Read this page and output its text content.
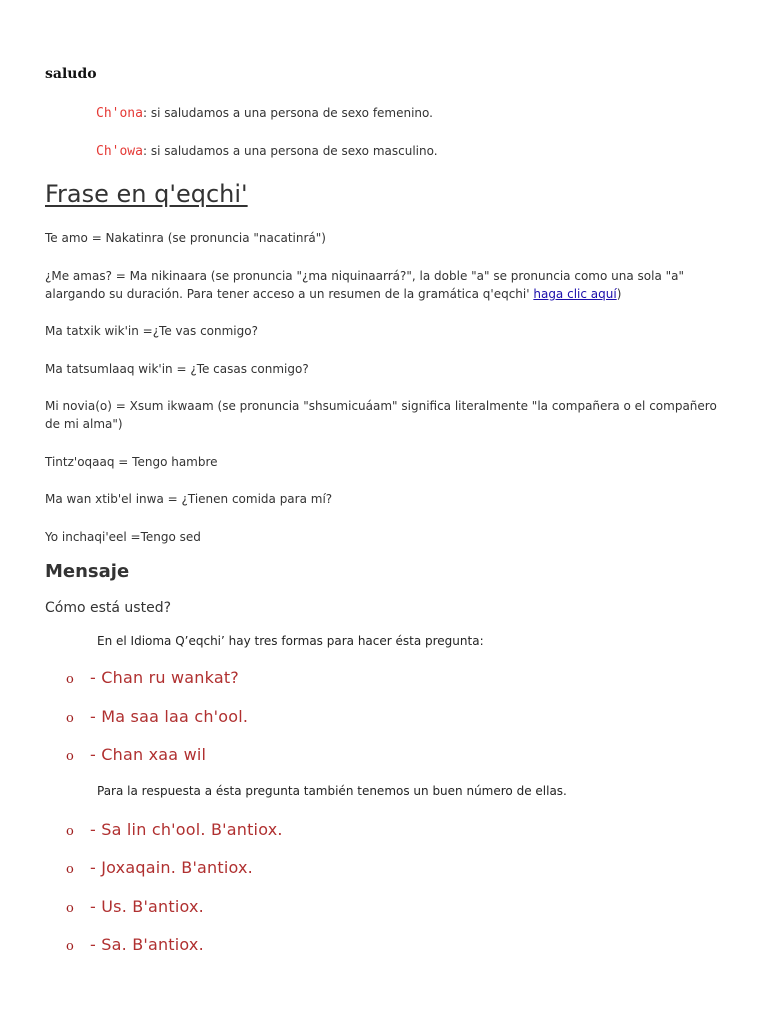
saludo
Ch'ona: si saludamos a una persona de sexo femenino.
Ch'owa: si saludamos a una persona de sexo masculino.
Frase en q'eqchi'
Te amo = Nakatinra (se pronuncia "nacatinrá")
¿Me amas? = Ma nikinaara (se pronuncia "¿ma niquinaarrá?", la doble "a" se pronuncia como una sola "a" alargando su duración. Para tener acceso a un resumen de la gramática q'eqchi' haga clic aquí)
Ma tatxik wik'in =¿Te vas conmigo?
Ma tatsumlaaq wik'in = ¿Te casas conmigo?
Mi novia(o) = Xsum ikwaam (se pronuncia "shsumicuáam" significa literalmente "la compañera o el compañero de mi alma")
Tintz'oqaaq = Tengo hambre
Ma wan xtib'el inwa = ¿Tienen comida para mí?
Yo inchaqi'eel =Tengo sed
Mensaje
Cómo está usted?
En el Idioma Q’eqchi’ hay tres formas para hacer ésta pregunta:
o - Chan ru wankat?
o - Ma saa laa ch'ool.
o - Chan xaa wil
Para la respuesta a ésta pregunta también tenemos un buen número de ellas.
o - Sa lin ch'ool. B'antiox.
o - Joxaqain. B'antiox.
o - Us. B'antiox.
o - Sa. B'antiox.
